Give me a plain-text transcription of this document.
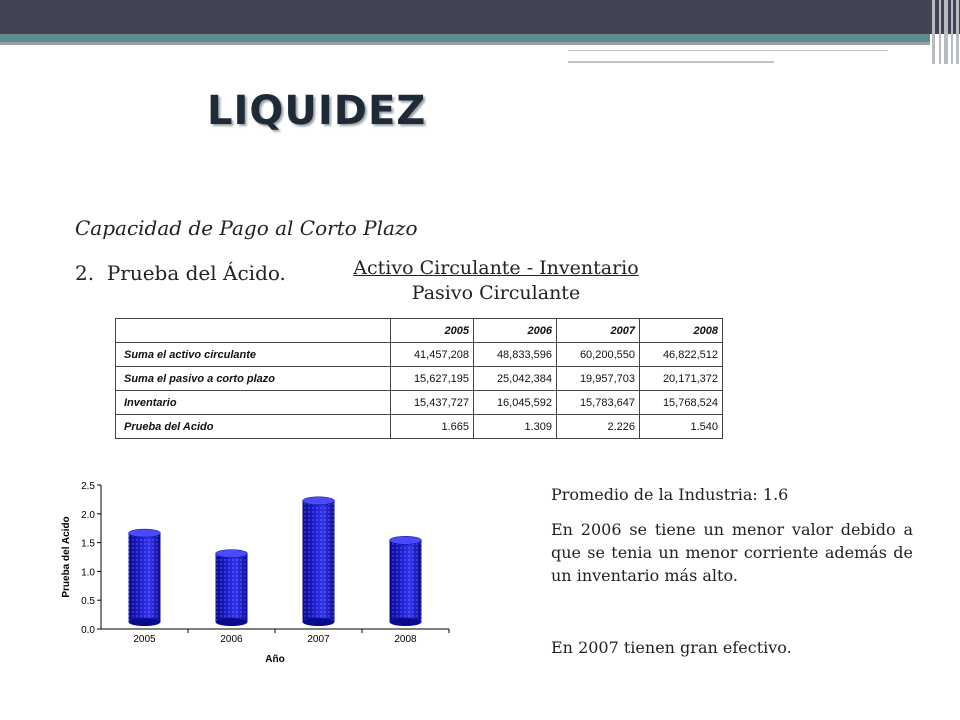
LIQUIDEZ
Capacidad de Pago al Corto Plazo
2. Prueba del Ácido.	Activo Circulante - Inventario
Pasivo Circulante
	2005	2006	2007	2008
Suma el activo circulante	41,457,208	48,833,596	60,200,550	46,822,512
Suma el pasivo a corto plazo	15,627,195	25,042,384	19,957,703	20,171,372
Inventario	15,437,727	16,045,592	15,783,647	15,768,524
Prueba del Acido	1.665	1.309	2.226	1.540
0.0
0.5
1.0
1.5
2.0
2.5
Prueba del Acido
2005	2006	2007	2008
Año
Promedio de la Industria: 1.6
En 2006 se tiene un menor valor debido a que se tenia un menor corriente además de un inventario más alto.
En 2007 tienen gran efectivo.
